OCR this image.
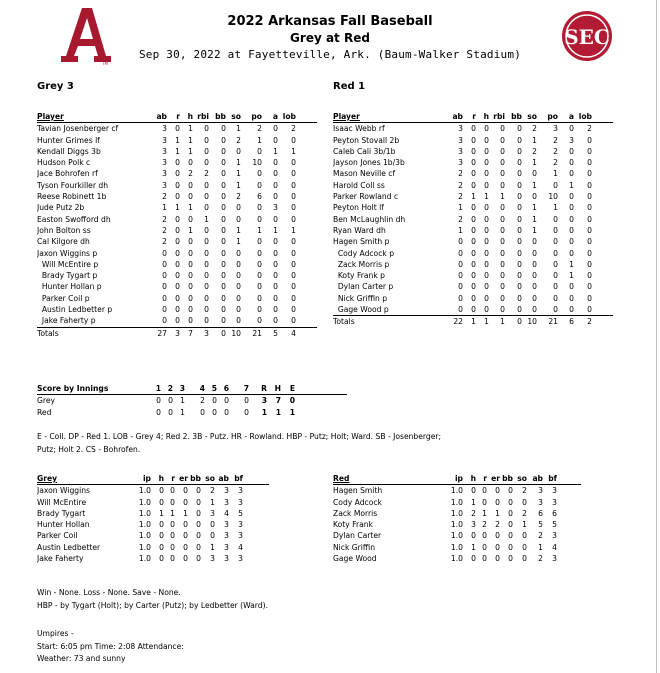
TM
SEC
2022 Arkansas Fall Baseball
Grey at Red
Sep 30, 2022 at Fayetteville, Ark. (Baum-Walker Stadium)
Grey 3	Red 1
Player	ab	r h rbi bb so	po	a lob
Tavian Josenberger cf	3	0	1	0	0	1	2	0	2
Hunter Grimes lf	3	1	1	0	0	2	1	0	0
Kendall Diggs 3b	3	1	1	0	0	0	0	1	1
Hudson Polk c	3	0	0	0	0	1	10	0	0
Jace Bohrofen rf	3	0	2	2	0	1	0	0	0
Tyson Fourkiller dh	3	0	0	0	0	1	0	0	0
Reese Robinett 1b	2	0	0	0	0	2	6	0	0
Jude Putz 2b	1	1	1	0	0	0	0	3	0
Easton Swofford dh	2	0	0	1	0	0	0	0	0
John Bolton ss	2	0	1	0	0	1	1	1	1
Cal Kilgore dh	2	0	0	0	0	1	0	0	0
Jaxon Wiggins p	0	0	0	0	0	0	0	0	0
Will McEntire p	0	0	0	0	0	0	0	0	0
Brady Tygart p	0	0	0	0	0	0	0	0	0
Hunter Hollan p	0	0	0	0	0	0	0	0	0
Parker Coil p	0	0	0	0	0	0	0	0	0
Austin Ledbetter p	0	0	0	0	0	0	0	0	0
Jake Faherty p	0	0	0	0	0	0	0	0	0
Totals	27	3	7	3	0 10	21	5	4
Player	ab	r h rbi bb so	po	a lob
Isaac Webb rf	3	0	0	0	0	2	3	0	2
Peyton Stovall 2b	3	0	0	0	0	1	2	3	0
Caleb Cali 3b/1b	3	0	0	0	0	2	2	0	0
Jayson Jones 1b/3b	3	0	0	0	0	1	2	0	0
Mason Neville cf	2	0	0	0	0	0	1	0	0
Harold Coll ss	2	0	0	0	0	1	0	1	0
Parker Rowland c	2	1	1	1	0	0	10	0	0
Peyton Holt lf	1	0	0	0	0	1	1	0	0
Ben McLaughlin dh	2	0	0	0	0	1	0	0	0
Ryan Ward dh	1	0	0	0	0	1	0	0	0
Hagen Smith p	0	0	0	0	0	0	0	0	0
Cody Adcock p	0	0	0	0	0	0	0	0	0
Zack Morris p	0	0	0	0	0	0	0	1	0
Koty Frank p	0	0	0	0	0	0	0	1	0
Dylan Carter p	0	0	0	0	0	0	0	0	0
Nick Griffin p	0	0	0	0	0	0	0	0	0
Gage Wood p	0	0	0	0	0	0	0	0	0
Totals	22	1	1	1	0 10	21	6	2
Score by Innings	1 2 3	4 5 6	7	R	H	E
Grey	0 0 1	2 0 0	0	3	7	0
Red	0 0 1	0 0 0	0	1	1	1
E - Coll. DP - Red 1. LOB - Grey 4; Red 2. 3B - Putz. HR - Rowland. HBP - Putz; Holt; Ward. SB - Josenberger;
Putz; Holt 2. CS - Bohrofen.
Grey	ip h r er bb so ab bf
Jaxon Wiggins	1.0	0 0	0	0	2	3	3
Will McEntire	1.0	0 0	0	0	1	3	3
Brady Tygart	1.0	1 1	1	0	3	4	5
Hunter Hollan	1.0	0 0	0	0	0	3	3
Parker Coil	1.0	0 0	0	0	0	3	3
Austin Ledbetter	1.0	0 0	0	0	1	3	4
Jake Faherty	1.0	0 0	0	0	3	3	3
Red	ip h r er bb so ab bf
Hagen Smith	1.0	0 0	0	0	2	3	3
Cody Adcock	1.0	1 0	0	0	0	3	3
Zack Morris	1.0	2 1	1	0	2	6	6
Koty Frank	1.0	3 2	2	0	1	5	5
Dylan Carter	1.0	0 0	0	0	0	2	3
Nick Griffin	1.0	1 0	0	0	0	1	4
Gage Wood	1.0	0 0	0	0	0	2	3
Win - None. Loss - None. Save - None.
HBP - by Tygart (Holt); by Carter (Putz); by Ledbetter (Ward).
Umpires -
Start: 6:05 pm Time: 2:08 Attendance:
Weather: 73 and sunny
